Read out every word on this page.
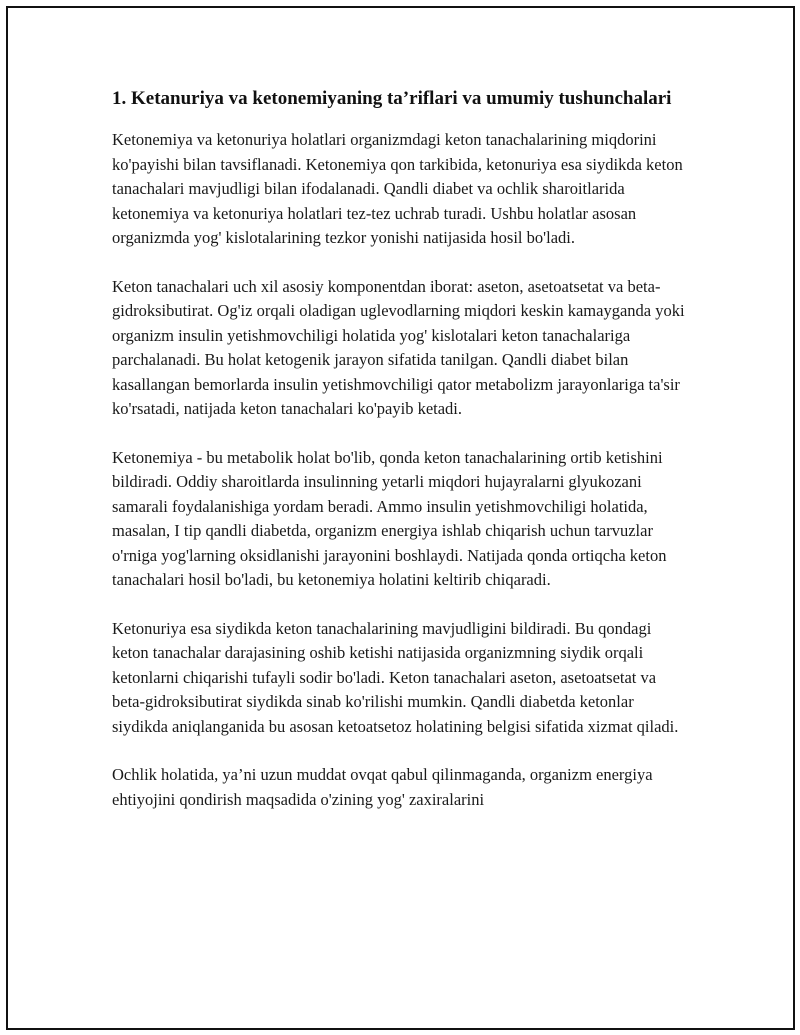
1. Ketanuriya va ketonemiyaning ta’riflari va umumiy tushunchalari

Ketonemiya va ketonuriya holatlari organizmdagi keton tanachalarining miqdorini ko'payishi bilan tavsiflanadi. Ketonemiya qon tarkibida, ketonuriya esa siydikda keton tanachalari mavjudligi bilan ifodalanadi. Qandli diabet va ochlik sharoitlarida ketonemiya va ketonuriya holatlari tez-tez uchrab turadi. Ushbu holatlar asosan organizmda yog' kislotalarining tezkor yonishi natijasida hosil bo'ladi.

Keton tanachalari uch xil asosiy komponentdan iborat: aseton, asetoatsetat va beta-gidroksibutirat. Og'iz orqali oladigan uglevodlarning miqdori keskin kamayganda yoki organizm insulin yetishmovchiligi holatida yog' kislotalari keton tanachalariga parchalanadi. Bu holat ketogenik jarayon sifatida tanilgan. Qandli diabet bilan kasallangan bemorlarda insulin yetishmovchiligi qator metabolizm jarayonlariga ta'sir ko'rsatadi, natijada keton tanachalari ko'payib ketadi.

Ketonemiya - bu metabolik holat bo'lib, qonda keton tanachalarining ortib ketishini bildiradi. Oddiy sharoitlarda insulinning yetarli miqdori hujayralarni glyukozani samarali foydalanishiga yordam beradi. Ammo insulin yetishmovchiligi holatida, masalan, I tip qandli diabetda, organizm energiya ishlab chiqarish uchun tarvuzlar o'rniga yog'larning oksidlanishi jarayonini boshlaydi. Natijada qonda ortiqcha keton tanachalari hosil bo'ladi, bu ketonemiya holatini keltirib chiqaradi.

Ketonuriya esa siydikda keton tanachalarining mavjudligini bildiradi. Bu qondagi keton tanachalar darajasining oshib ketishi natijasida organizmning siydik orqali ketonlarni chiqarishi tufayli sodir bo'ladi. Keton tanachalari aseton, asetoatsetat va beta-gidroksibutirat siydikda sinab ko'rilishi mumkin. Qandli diabetda ketonlar siydikda aniqlanganida bu asosan ketoatsetoz holatining belgisi sifatida xizmat qiladi.

Ochlik holatida, ya’ni uzun muddat ovqat qabul qilinmaganda, organizm energiya ehtiyojini qondirish maqsadida o'zining yog' zaxiralarini
